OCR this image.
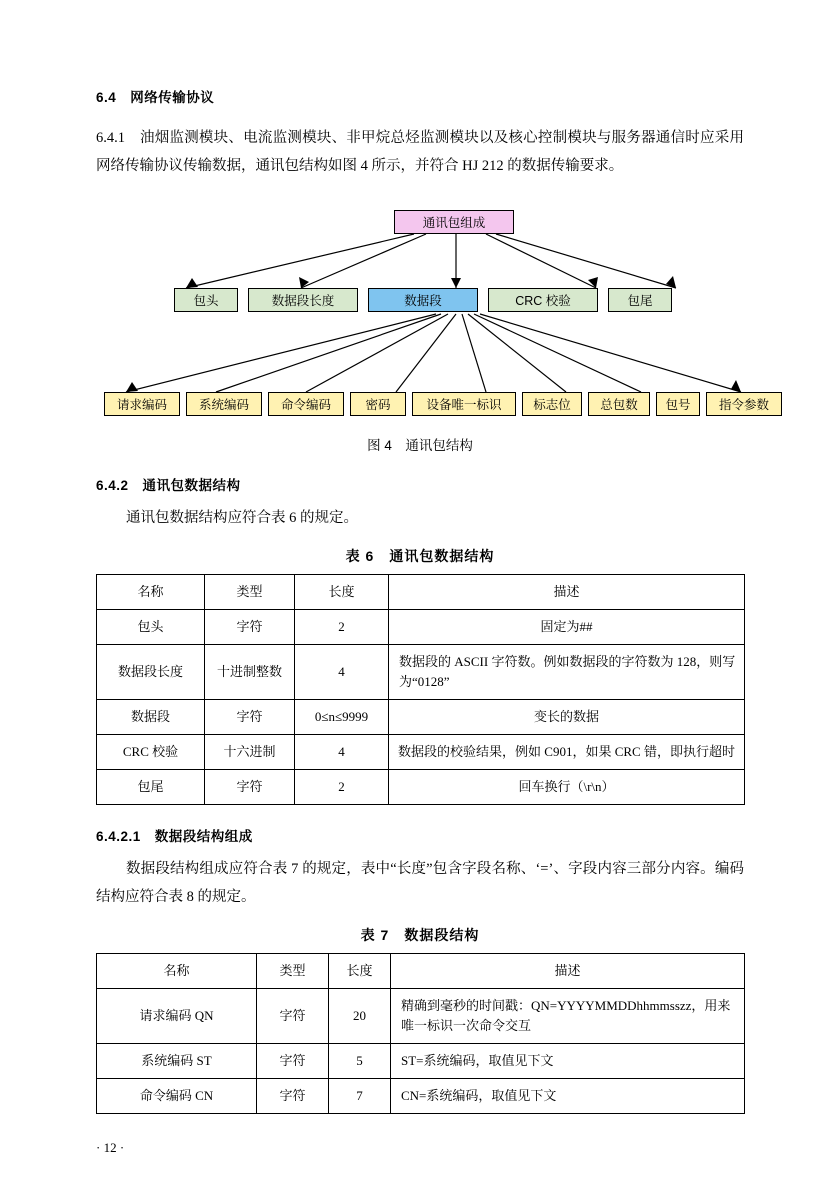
6.4　网络传输协议
6.4.1　油烟监测模块、电流监测模块、非甲烷总烃监测模块以及核心控制模块与服务器通信时应采用网络传输协议传输数据，通讯包结构如图 4 所示，并符合 HJ 212 的数据传输要求。
通讯包组成
包头	数据段长度	数据段	CRC 校验	包尾
请求编码	系统编码	命令编码	密码	设备唯一标识	标志位	总包数	包号	指令参数
图 4　通讯包结构
6.4.2　通讯包数据结构
通讯包数据结构应符合表 6 的规定。
表 6　通讯包数据结构
名称	类型	长度	描述
包头	字符	2	固定为##
数据段长度	十进制整数	4	数据段的 ASCII 字符数。例如数据段的字符数为 128，则写为“0128”
数据段	字符	0≤n≤9999	变长的数据
CRC 校验	十六进制	4	数据段的校验结果，例如 C901，如果 CRC 错，即执行超时
包尾	字符	2	回车换行（\r\n）
6.4.2.1　数据段结构组成
数据段结构组成应符合表 7 的规定，表中“长度”包含字段名称、‘=’、字段内容三部分内容。编码结构应符合表 8 的规定。
表 7　数据段结构
名称	类型	长度	描述
请求编码 QN	字符	20	精确到毫秒的时间戳：QN=YYYYMMDDhhmmsszz，用来唯一标识一次命令交互
系统编码 ST	字符	5	ST=系统编码，取值见下文
命令编码 CN	字符	7	CN=系统编码，取值见下文
· 12 ·
